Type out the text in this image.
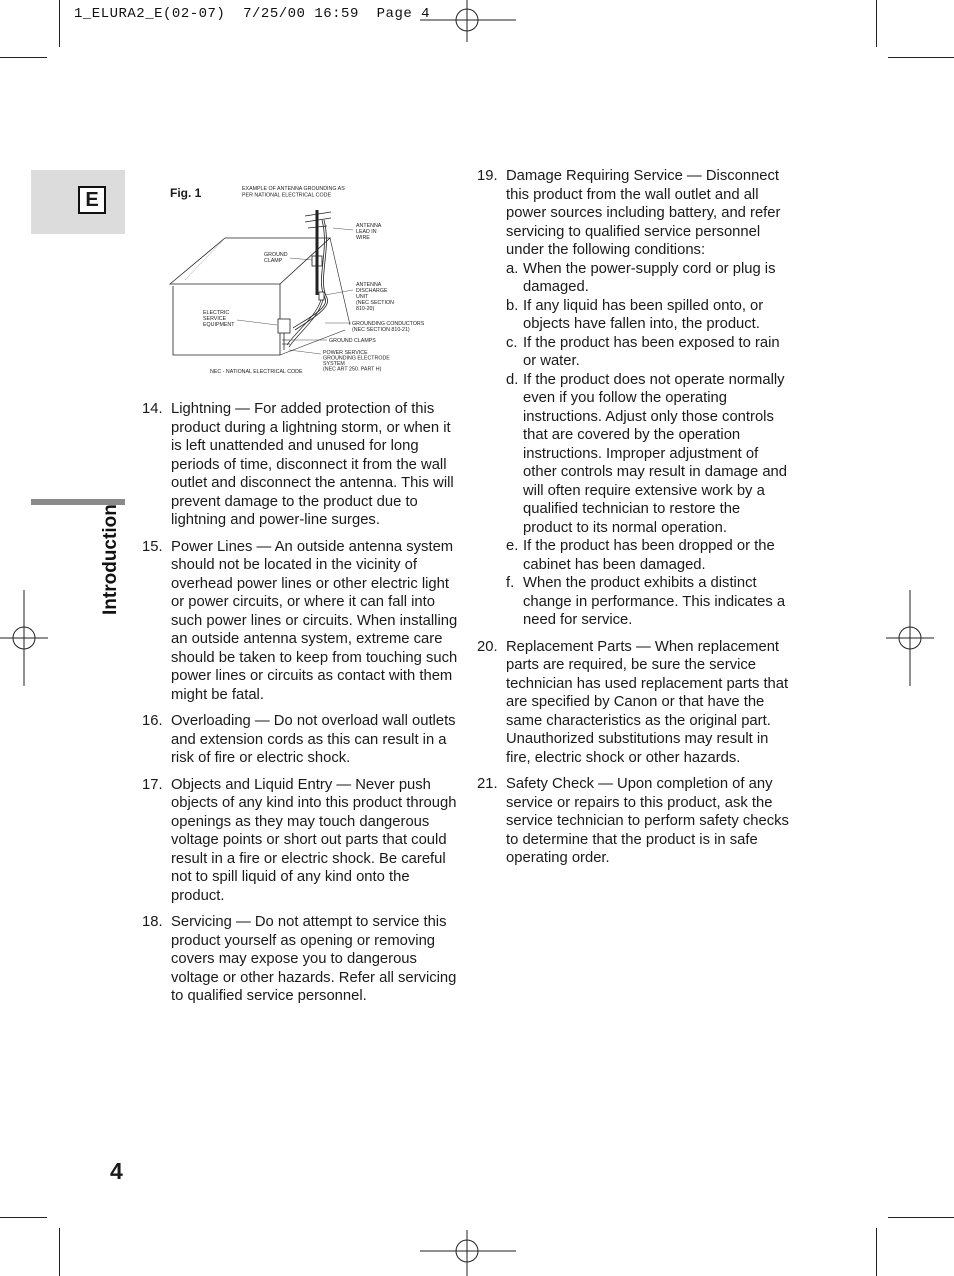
1_ELURA2_E(02-07)  7/25/00 16:59  Page 4
E
Introduction
Fig. 1	EXAMPLE OF ANTENNA GROUNDING AS
PER NATIONAL ELECTRICAL CODE
ANTENNA
LEAD IN
WIRE
GROUND
CLAMP
ANTENNA
DISCHARGE
UNIT
(NEC SECTION
810-20)
ELECTRIC
SERVICE
EQUIPMENT	GROUNDING CONDUCTORS
(NEC SECTION 810-21)
GROUND CLAMPS
POWER SERVICE
GROUNDING ELECTRODE
SYSTEM
(NEC ART 250. PART H)
NEC - NATIONAL ELECTRICAL CODE
14. Lightning — For added protection of this product during a lightning storm, or when it is left unattended and unused for long periods of time, disconnect it from the wall outlet and disconnect the antenna. This will prevent damage to the product due to lightning and power-line surges.
15. Power Lines — An outside antenna system should not be located in the vicinity of overhead power lines or other electric light or power circuits, or where it can fall into such power lines or circuits. When installing an outside antenna system, extreme care should be taken to keep from touching such power lines or circuits as contact with them might be fatal.
16. Overloading — Do not overload wall outlets and extension cords as this can result in a risk of fire or electric shock.
17. Objects and Liquid Entry — Never push objects of any kind into this product through openings as they may touch dangerous voltage points or short out parts that could result in a fire or electric shock. Be careful not to spill liquid of any kind onto the product.
18. Servicing — Do not attempt to service this product yourself as opening or removing covers may expose you to dangerous voltage or other hazards. Refer all servicing to qualified service personnel.
19. Damage Requiring Service — Disconnect this product from the wall outlet and all power sources including battery, and refer servicing to qualified service personnel under the following conditions:
a. When the power-supply cord or plug is damaged.
b. If any liquid has been spilled onto, or objects have fallen into, the product.
c. If the product has been exposed to rain or water.
d. If the product does not operate normally even if you follow the operating instructions. Adjust only those controls that are covered by the operation instructions. Improper adjustment of other controls may result in damage and will often require extensive work by a qualified technician to restore the product to its normal operation.
e. If the product has been dropped or the cabinet has been damaged.
f. When the product exhibits a distinct change in performance. This indicates a need for service.
20. Replacement Parts — When replacement parts are required, be sure the service technician has used replacement parts that are specified by Canon or that have the same characteristics as the original part. Unauthorized substitutions may result in fire, electric shock or other hazards.
21. Safety Check — Upon completion of any service or repairs to this product, ask the service technician to perform safety checks to determine that the product is in safe operating order.
4
